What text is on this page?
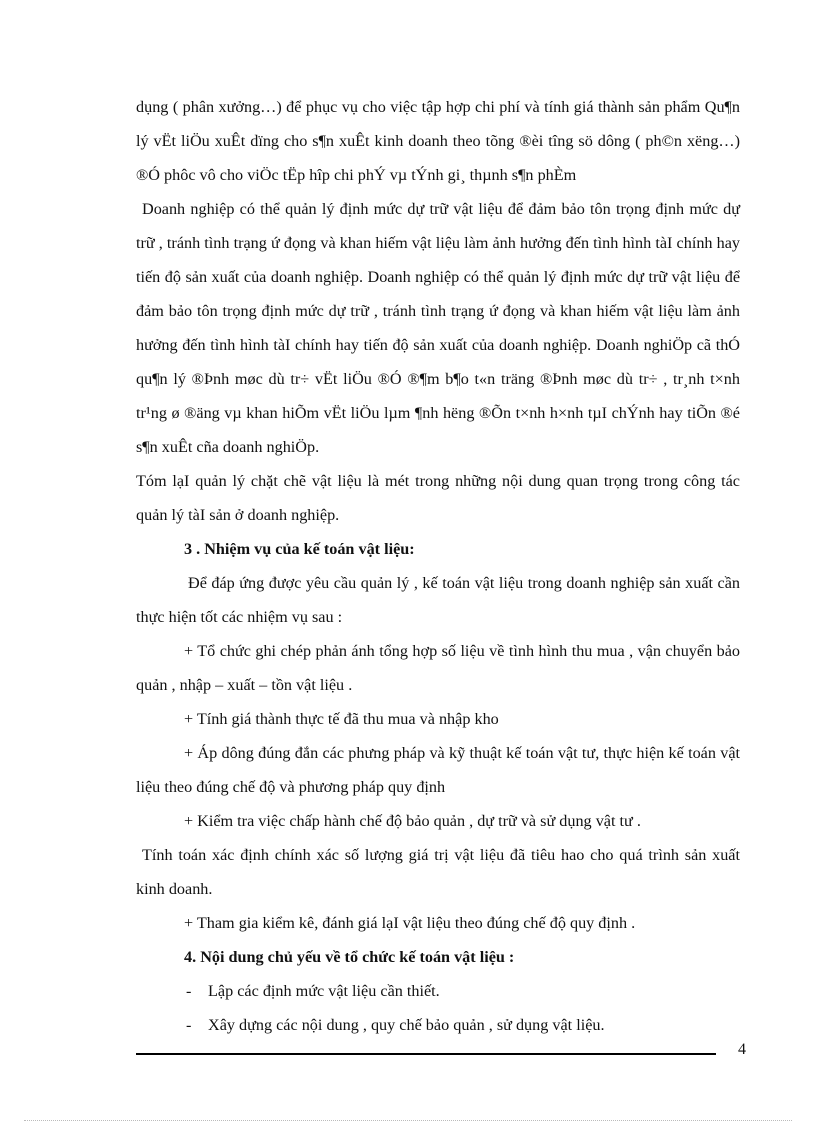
dụng ( phân xưởng…) để phục vụ cho việc tập hợp chi phí và tính giá thành sản phẩm Qu¶n lý vËt liÖu xuÊt dïng cho s¶n xuÊt kinh doanh theo tõng ®èi tîng sö dông ( ph©n xëng…) ®Ó phôc vô cho viÖc tËp hîp chi phÝ vµ tÝnh gi¸ thµnh s¶n phÈm

Doanh nghiệp có thể quản lý định mức dự trữ vật liệu để đảm bảo tôn trọng định mức dự trữ , tránh tình trạng ứ đọng và khan hiếm vật liệu làm ảnh hưởng đến tình hình tàI chính hay tiến độ sản xuất của doanh nghiệp. Doanh nghiệp có thể quản lý định mức dự trữ vật liệu để đảm bảo tôn trọng định mức dự trữ , tránh tình trạng ứ đọng và khan hiếm vật liệu làm ảnh hưởng đến tình hình tàI chính hay tiến độ sản xuất của doanh nghiệp. Doanh nghiÖp cã thÓ qu¶n lý ®Þnh møc dù tr÷ vËt liÖu ®Ó ®¶m b¶o t«n träng ®Þnh møc dù tr÷ , tr¸nh t×nh tr¹ng ø ®äng vµ khan hiÕm vËt liÖu lµm ¶nh hëng ®Õn t×nh h×nh tµI chÝnh hay tiÕn ®é s¶n xuÊt cña doanh nghiÖp.

Tóm lạI quản lý chặt chẽ vật liệu là mét trong những nội dung quan trọng trong công tác quản lý tàI sản ở doanh nghiệp.

3 . Nhiệm vụ của kế toán vật liệu:

Để đáp ứng được yêu cầu quản lý , kế toán vật liệu trong doanh nghiệp sản xuất cần thực hiện tốt các nhiệm vụ sau :

+ Tổ chức ghi chép phản ánh tổng hợp số liệu về tình hình thu mua , vận chuyển bảo quản , nhập – xuất – tồn vật liệu .

+ Tính giá thành thực tế đã thu mua và nhập kho

+ Áp dông đúng đắn các phưng pháp và kỹ thuật kế toán vật tư, thực hiện kế toán vật liệu theo đúng chế độ và phương pháp quy định

+ Kiểm tra việc chấp hành chế độ bảo quản , dự trữ và sử dụng vật tư .

Tính toán xác định chính xác số lượng giá trị vật liệu đã tiêu hao cho quá trình sản xuất kinh doanh.

+ Tham gia kiểm kê, đánh giá lạI vật liệu theo đúng chế độ quy định .

4. Nội dung chủ yếu về tổ chức kế toán vật liệu :

-	Lập các định mức vật liệu cần thiết.
-	Xây dựng các nội dung , quy chế bảo quản , sử dụng vật liệu.
4
